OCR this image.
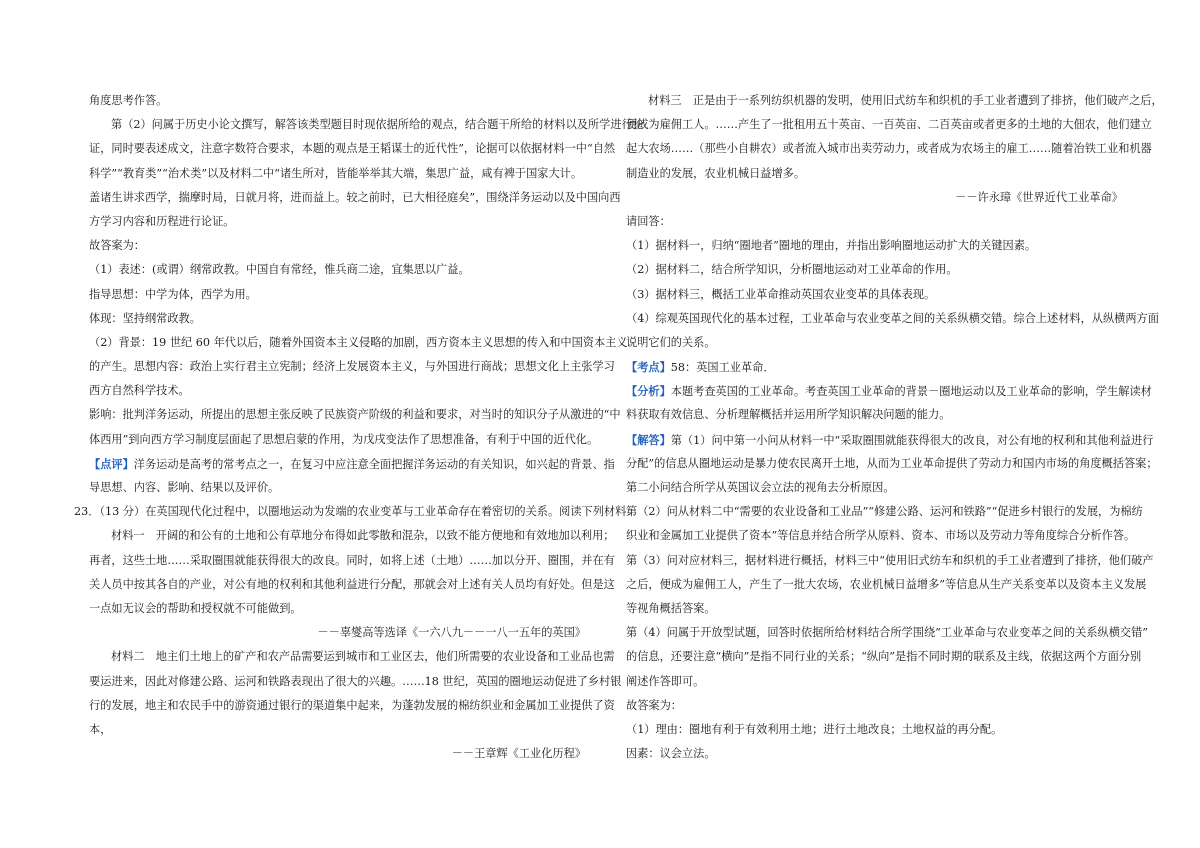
角度思考作答。
第（2）问属于历史小论文撰写，解答该类型题目时现依据所给的观点，结合题干所给的材料以及所学进行论
证，同时要表述成文，注意字数符合要求，本题的观点是王韬谋士的近代性”，论据可以依据材料一中“自然
科学”“教育类”“治术类”以及材料二中“诸生所对，皆能举举其大端，集思广益，咸有裨于国家大计。
盖诸生讲求西学，揣摩时局，日就月将，进而益上。较之前时，已大相径庭矣”，围绕洋务运动以及中国向西
方学习内容和历程进行论证。
故答案为：
（1）表述：(或谓）纲常政教。中国自有常经，惟兵商二途，宜集思以广益。
指导思想：中学为体，西学为用。
体现：坚持纲常政教。
（2）背景：19 世纪 60 年代以后，随着外国资本主义侵略的加剧，西方资本主义思想的传入和中国资本主义
的产生。思想内容：政治上实行君主立宪制；经济上发展资本主义，与外国进行商战；思想文化上主张学习
西方自然科学技术。
影响：批判洋务运动，所提出的思想主张反映了民族资产阶级的利益和要求，对当时的知识分子从激进的“中
体西用”到向西方学习制度层面起了思想启蒙的作用，为戊戌变法作了思想准备，有利于中国的近代化。
【点评】洋务运动是高考的常考点之一，在复习中应注意全面把握洋务运动的有关知识，如兴起的背景、指
导思想、内容、影响、结果以及评价。
23．（13 分）在英国现代化过程中，以圈地运动为发端的农业变革与工业革命存在着密切的关系。阅读下列材料：
材料一　开阔的和公有的土地和公有草地分布得如此零散和混杂，以致不能方便地和有效地加以利用；
再者，这些土地……采取圈围就能获得很大的改良。同时，如将上述（土地）……加以分开、圈围，并在有
关人员中按其各自的产业，对公有地的权利和其他利益进行分配，那就会对上述有关人员均有好处。但是这
一点如无议会的帮助和授权就不可能做到。
－－辜燮高等选译《一六八九－－一八一五年的英国》
材料二　地主们土地上的矿产和农产品需要运到城市和工业区去，他们所需要的农业设备和工业品也需
要运进来，因此对修建公路、运河和铁路表现出了很大的兴趣。……18 世纪，英国的圈地运动促进了乡村银
行的发展，地主和农民手中的游资通过银行的渠道集中起来，为蓬勃发展的棉纺织业和金属加工业提供了资
本，
－－王章辉《工业化历程》
材料三　正是由于一系列纺织机器的发明，使用旧式纺车和织机的手工业者遭到了排挤，他们破产之后，
便成为雇佣工人。……产生了一批租用五十英亩、一百英亩、二百英亩或者更多的土地的大佃农，他们建立
起大农场……（那些小自耕农）或者流入城市出卖劳动力，或者成为农场主的雇工……随着冶铁工业和机器
制造业的发展，农业机械日益增多。
－－许永璋《世界近代工业革命》
请回答：
（1）据材料一，归纳“圈地者”圈地的理由，并指出影响圈地运动扩大的关键因素。
（2）据材料二，结合所学知识，分析圈地运动对工业革命的作用。
（3）据材料三，概括工业革命推动英国农业变革的具体表现。
（4）综观英国现代化的基本过程，工业革命与农业变革之间的关系纵横交错。综合上述材料，从纵横两方面
说明它们的关系。
【考点】58：英国工业革命．
【分析】本题考查英国的工业革命。考查英国工业革命的背景－圈地运动以及工业革命的影响，学生解读材
料获取有效信息、分析理解概括并运用所学知识解决问题的能力。
【解答】第（1）问中第一小问从材料一中“采取圈围就能获得很大的改良，对公有地的权利和其他利益进行
分配”的信息从圈地运动是暴力使农民离开土地，从而为工业革命提供了劳动力和国内市场的角度概括答案；
第二小问结合所学从英国议会立法的视角去分析原因。
第（2）问从材料二中“需要的农业设备和工业品”“修建公路、运河和铁路”“促进乡村银行的发展，为棉纺
织业和金属加工业提供了资本”等信息并结合所学从原料、资本、市场以及劳动力等角度综合分析作答。
第（3）问对应材料三，据材料进行概括，材料三中“使用旧式纺车和织机的手工业者遭到了排挤，他们破产
之后，便成为雇佣工人，产生了一批大农场，农业机械日益增多”等信息从生产关系变革以及资本主义发展
等视角概括答案。
第（4）问属于开放型试题，回答时依据所给材料结合所学围绕“工业革命与农业变革之间的关系纵横交错”
的信息，还要注意“横向”是指不同行业的关系；“纵向”是指不同时期的联系及主线，依据这两个方面分别
阐述作答即可。
故答案为：
（1）理由：圈地有利于有效利用土地；进行土地改良；土地权益的再分配。
因素：议会立法。
